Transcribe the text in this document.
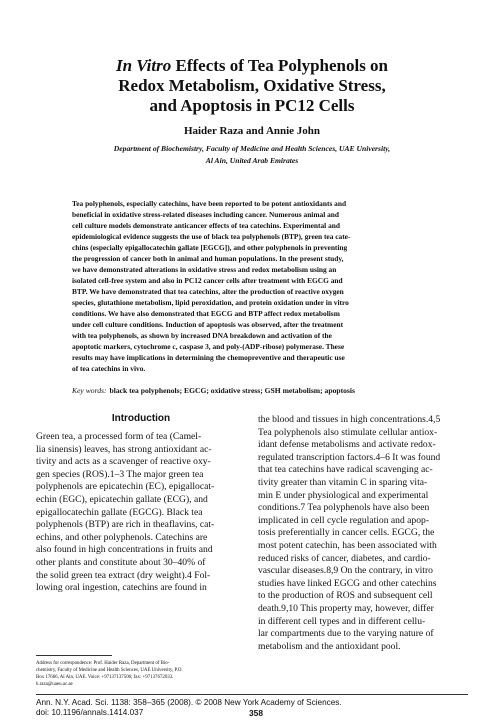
In Vitro Effects of Tea Polyphenols on
Redox Metabolism, Oxidative Stress,
and Apoptosis in PC12 Cells
Haider Raza and Annie John
Department of Biochemistry, Faculty of Medicine and Health Sciences, UAE University,
Al Ain, United Arab Emirates
Tea polyphenols, especially catechins, have been reported to be potent antioxidants and
beneficial in oxidative stress-related diseases including cancer. Numerous animal and
cell culture models demonstrate anticancer effects of tea catechins. Experimental and
epidemiological evidence suggests the use of black tea polyphenols (BTP), green tea cate-
chins (especially epigallocatechin gallate [EGCG]), and other polyphenols in preventing
the progression of cancer both in animal and human populations. In the present study,
we have demonstrated alterations in oxidative stress and redox metabolism using an
isolated cell-free system and also in PC12 cancer cells after treatment with EGCG and
BTP. We have demonstrated that tea catechins, alter the production of reactive oxygen
species, glutathione metabolism, lipid peroxidation, and protein oxidation under in vitro
conditions. We have also demonstrated that EGCG and BTP affect redox metabolism
under cell culture conditions. Induction of apoptosis was observed, after the treatment
with tea polyphenols, as shown by increased DNA breakdown and activation of the
apoptotic markers, cytochrome c, caspase 3, and poly-(ADP-ribose) polymerase. These
results may have implications in determining the chemopreventive and therapeutic use
of tea catechins in vivo.
Key words: black tea polyphenols; EGCG; oxidative stress; GSH metabolism; apoptosis
Introduction
Green tea, a processed form of tea (Camel-
lia sinensis) leaves, has strong antioxidant ac-
tivity and acts as a scavenger of reactive oxy-
gen species (ROS).1–3 The major green tea
polyphenols are epicatechin (EC), epigallocat-
echin (EGC), epicatechin gallate (ECG), and
epigallocatechin gallate (EGCG). Black tea
polyphenols (BTP) are rich in theaflavins, cat-
echins, and other polyphenols. Catechins are
also found in high concentrations in fruits and
other plants and constitute about 30–40% of
the solid green tea extract (dry weight).4 Fol-
lowing oral ingestion, catechins are found in
the blood and tissues in high concentrations.4,5
Tea polyphenols also stimulate cellular antiox-
idant defense metabolisms and activate redox-
regulated transcription factors.4–6 It was found
that tea catechins have radical scavenging ac-
tivity greater than vitamin C in sparing vita-
min E under physiological and experimental
conditions.7 Tea polyphenols have also been
implicated in cell cycle regulation and apop-
tosis preferentially in cancer cells. EGCG, the
most potent catechin, has been associated with
reduced risks of cancer, diabetes, and cardio-
vascular diseases.8,9 On the contrary, in vitro
studies have linked EGCG and other catechins
to the production of ROS and subsequent cell
death.9,10 This property may, however, differ
in different cell types and in different cellu-
lar compartments due to the varying nature of
metabolism and the antioxidant pool.
Address for correspondence: Prof. Haider Raza, Department of Bio-
chemistry, Faculty of Medicine and Health Sciences, UAE University, P.O.
Box 17666, Al Ain, UAE. Voice: +97137137506; fax: +97137672033.
h.raza@uaeu.ac.ae
Ann. N.Y. Acad. Sci. 1138: 358–365 (2008). © 2008 New York Academy of Sciences.
doi: 10.1196/annals.1414.037	358
